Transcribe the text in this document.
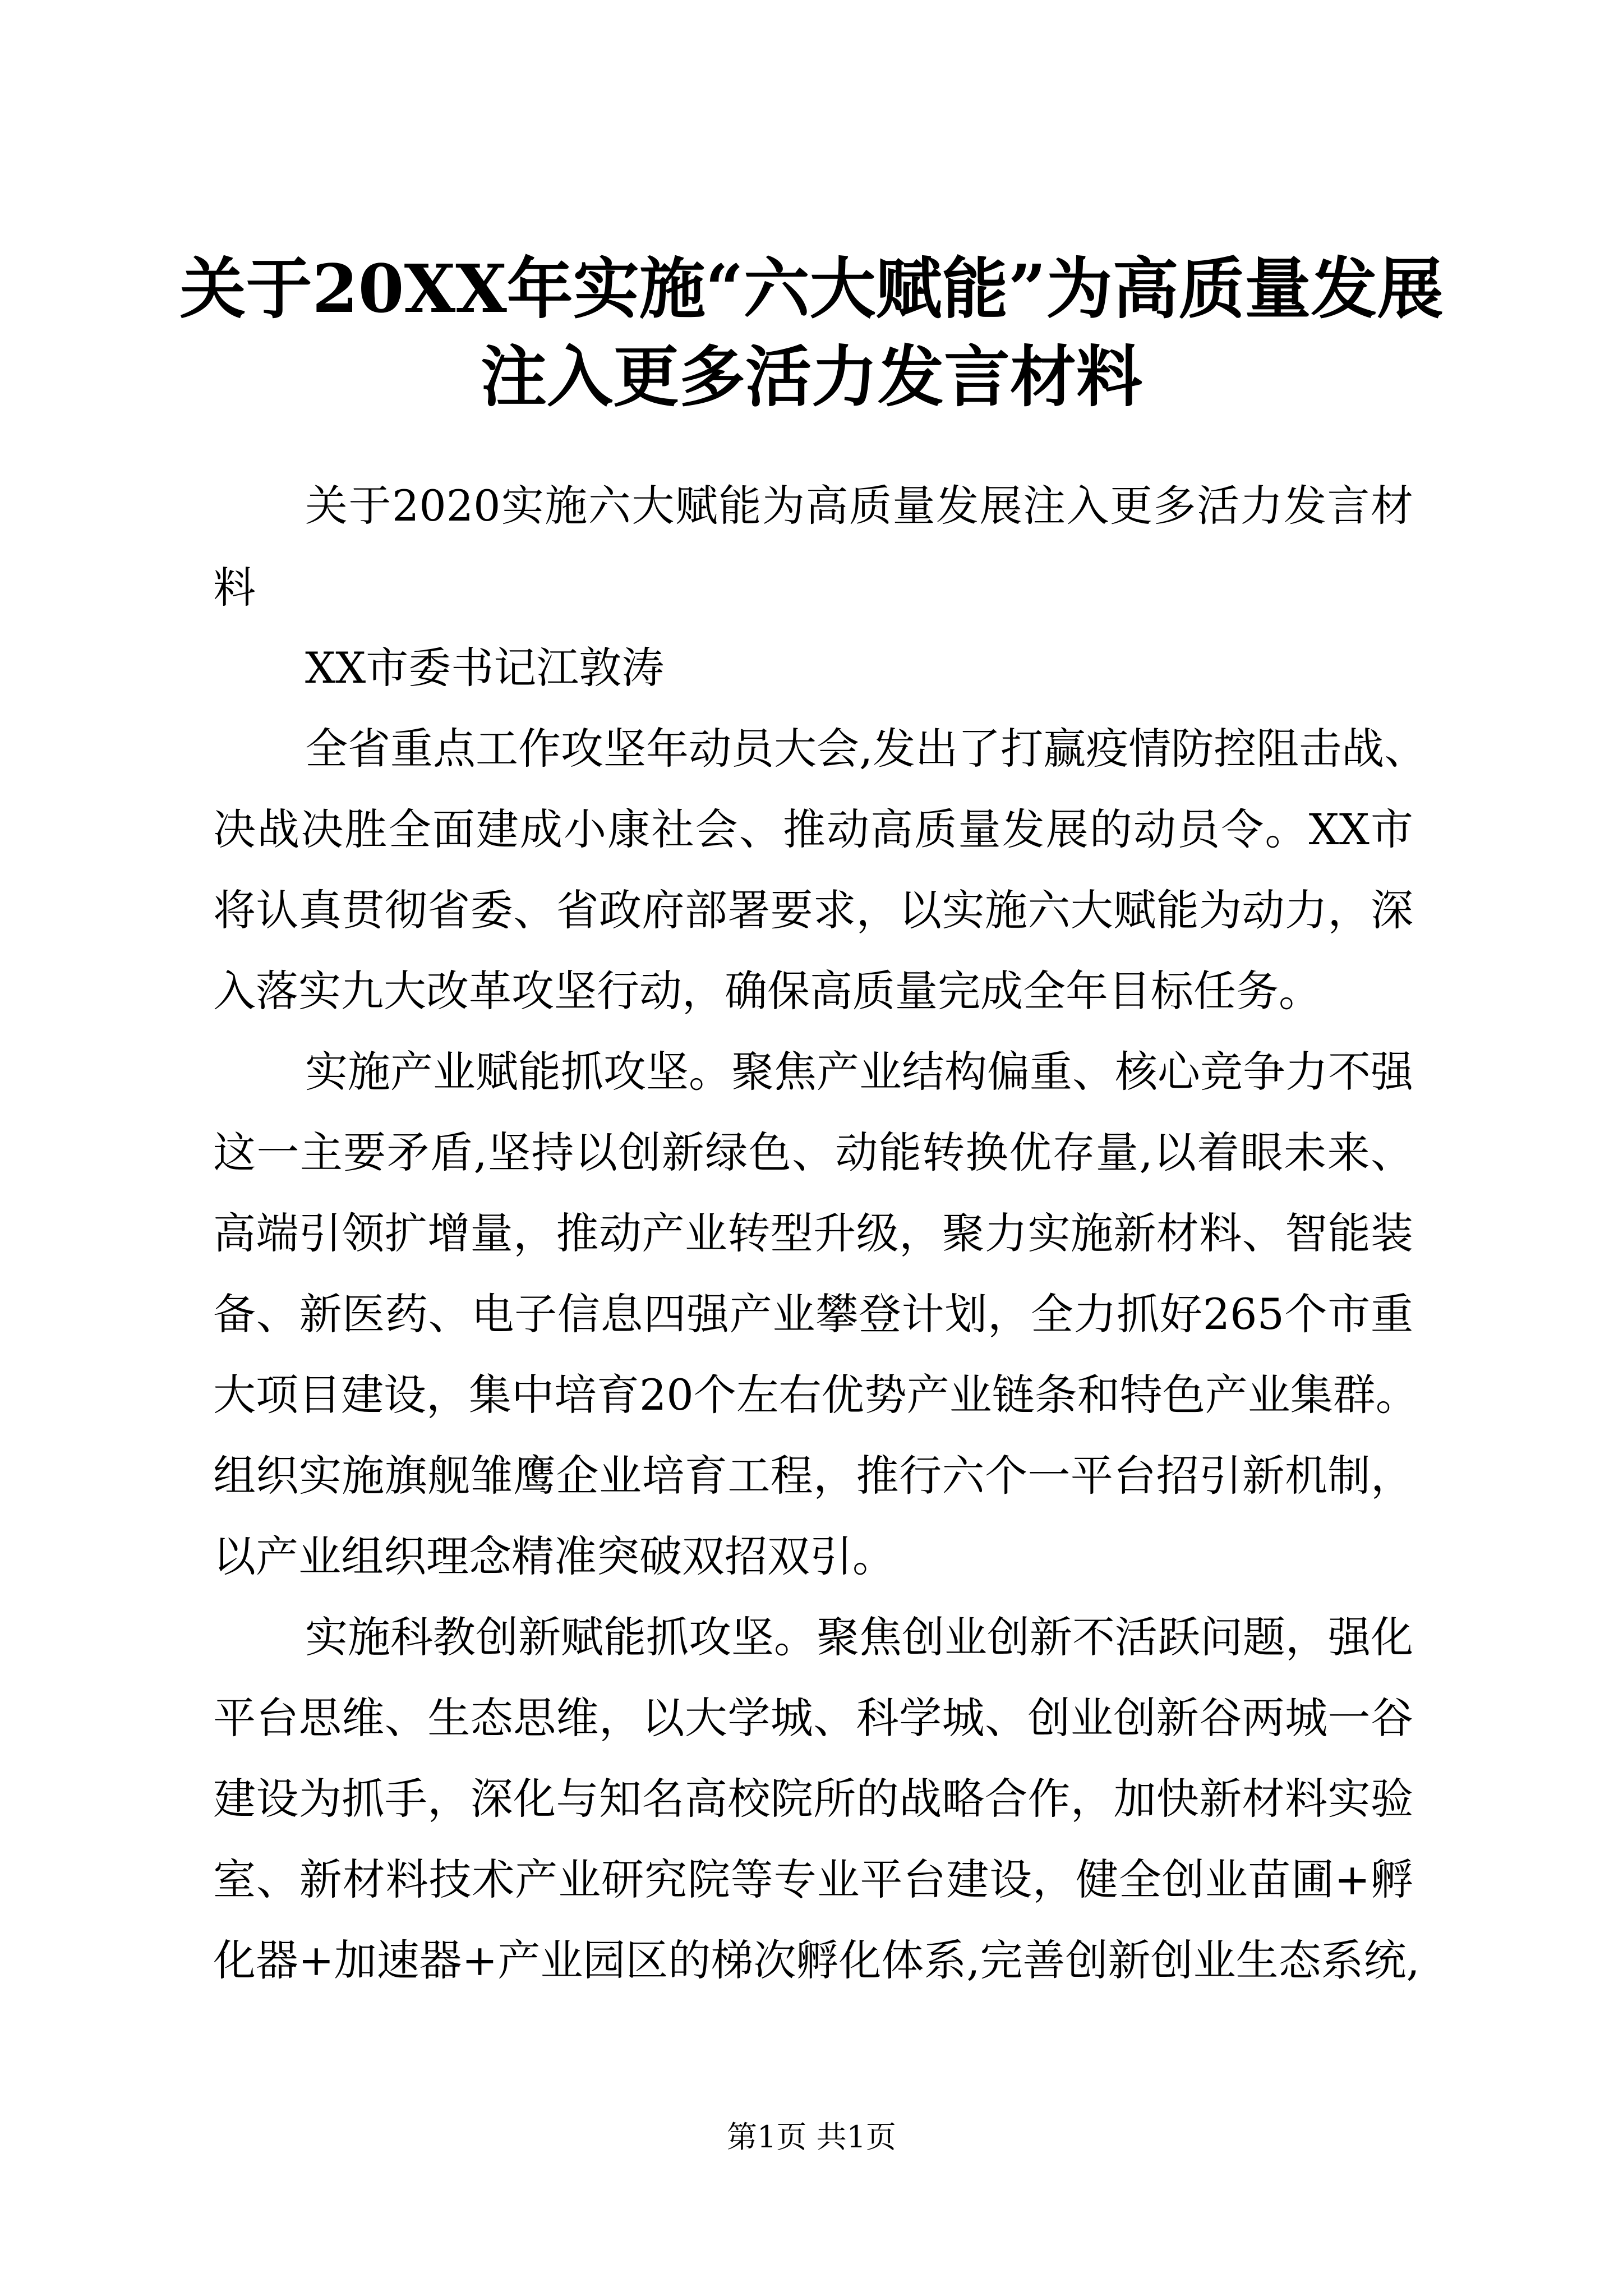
关于20XX年实施“六大赋能”为高质量发展
注入更多活力发言材料

关于2020实施六大赋能为高质量发展注入更多活力发言材

料

XX市委书记江敦涛

全省重点工作攻坚年动员大会,发出了打赢疫情防控阻击战、

决战决胜全面建成小康社会、推动高质量发展的动员令。XX市

将认真贯彻省委、省政府部署要求，以实施六大赋能为动力，深

入落实九大改革攻坚行动，确保高质量完成全年目标任务。

实施产业赋能抓攻坚。聚焦产业结构偏重、核心竞争力不强

这一主要矛盾,坚持以创新绿色、动能转换优存量,以着眼未来、

高端引领扩增量，推动产业转型升级，聚力实施新材料、智能装

备、新医药、电子信息四强产业攀登计划，全力抓好265个市重

大项目建设，集中培育20个左右优势产业链条和特色产业集群。

组织实施旗舰雏鹰企业培育工程，推行六个一平台招引新机制，

以产业组织理念精准突破双招双引。

实施科教创新赋能抓攻坚。聚焦创业创新不活跃问题，强化

平台思维、生态思维，以大学城、科学城、创业创新谷两城一谷

建设为抓手，深化与知名高校院所的战略合作，加快新材料实验

室、新材料技术产业研究院等专业平台建设，健全创业苗圃+孵

化器+加速器+产业园区的梯次孵化体系,完善创新创业生态系统,

第1页 共1页
